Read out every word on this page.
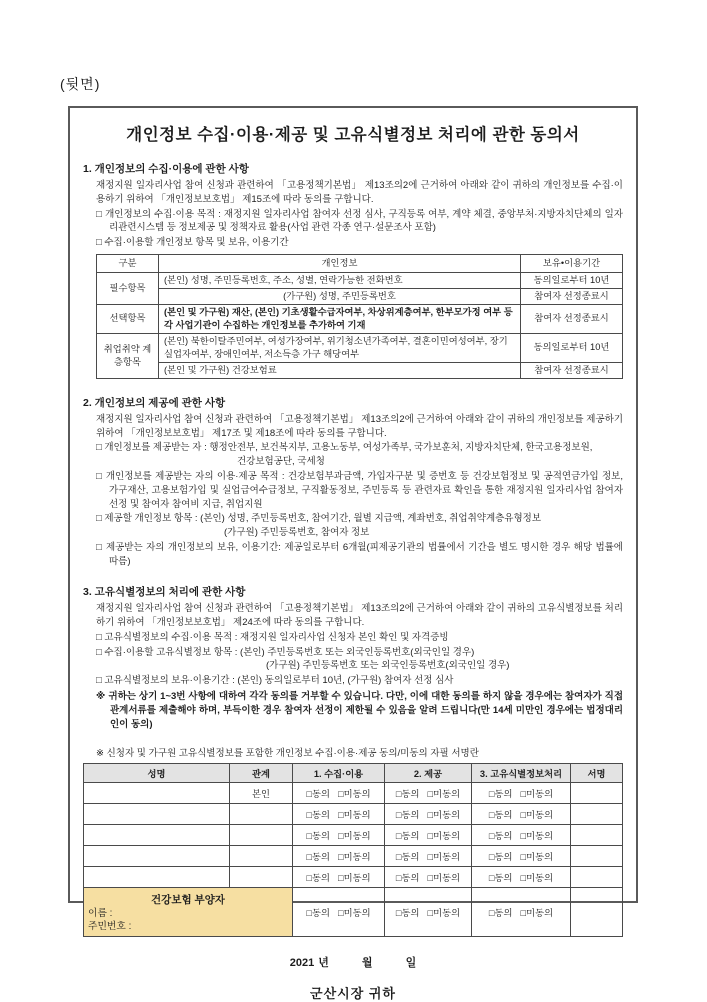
(뒷면)
개인정보 수집·이용·제공 및 고유식별정보 처리에 관한 동의서
1. 개인정보의 수집·이용에 관한 사항
재정지원 일자리사업 참여 신청과 관련하여 「고용정책기본법」 제13조의2에 근거하여 아래와 같이 귀하의 개인정보를 수집·이용하기 위하여 「개인정보보호법」 제15조에 따라 동의를 구합니다.
□ 개인정보의 수집·이용 목적 : 재정지원 일자리사업 참여자 선정 심사, 구직등록 여부, 계약 체결, 중앙부처·지방자치단체의 일자리관련시스템 등 정보제공 및 정책자료 활용(사업 관련 각종 연구·설문조사 포함)
□ 수집·이용할 개인정보 항목 및 보유, 이용기간
구분	개인정보	보유•이용기간
필수항목	(본인) 성명, 주민등록번호, 주소, 성별, 연락가능한 전화번호	동의일로부터 10년
	(가구원) 성명, 주민등록번호	참여자 선정종료시
선택항목	(본인 및 가구원) 재산, (본인) 기초생활수급자여부, 차상위계층여부, 한부모가정 여부 등 각 사업기관이 수집하는 개인정보를 추가하여 기재	참여자 선정종료시
취업취약 계층항목	(본인) 북한이탈주민여부, 여성가장여부, 위기청소년가족여부, 결혼이민여성여부, 장기실업자여부, 장애인여부, 저소득층 가구 해당여부	동의일로부터 10년
	(본인 및 가구원) 건강보험료	참여자 선정종료시
2. 개인정보의 제공에 관한 사항
재정지원 일자리사업 참여 신청과 관련하여 「고용정책기본법」 제13조의2에 근거하여 아래와 같이 귀하의 개인정보를 제공하기 위하여 「개인정보보호법」 제17조 및 제18조에 따라 동의를 구합니다.
□ 개인정보를 제공받는 자 : 행정안전부, 보건복지부, 고용노동부, 여성가족부, 국가보훈처, 지방자치단체, 한국고용정보원,
건강보험공단, 국세청
□ 개인정보를 제공받는 자의 이용·제공 목적 : 건강보험부과금액, 가입자구분 및 증번호 등 건강보험정보 및 공적연금가입 정보, 가구재산, 고용보험가입 및 실업급여수급정보, 구직활동정보, 주민등록 등 관련자료 확인을 통한 재정지원 일자리사업 참여자 선정 및 참여자 참여비 지급, 취업지원
□ 제공할 개인정보 항목 : (본인) 성명, 주민등록번호, 참여기간, 월별 지급액, 계좌번호, 취업취약계층유형정보
(가구원) 주민등록번호, 참여자 정보
□ 제공받는 자의 개인정보의 보유, 이용기간: 제공일로부터 6개월(피제공기관의 법률에서 기간을 별도 명시한 경우 해당 법률에 따름)
3. 고유식별정보의 처리에 관한 사항
재정지원 일자리사업 참여 신청과 관련하여 「고용정책기본법」 제13조의2에 근거하여 아래와 같이 귀하의 고유식별정보를 처리하기 위하여 「개인정보보호법」 제24조에 따라 동의를 구합니다.
□ 고유식별정보의 수집·이용 목적 : 재정지원 일자리사업 신청자 본인 확인 및 자격증빙
□ 수집·이용할 고유식별정보 항목 : (본인) 주민등록번호 또는 외국인등록번호(외국인일 경우)
(가구원) 주민등록번호 또는 외국인등록번호(외국인일 경우)
□ 고유식별정보의 보유·이용기간 : (본인) 동의일로부터 10년, (가구원) 참여자 선정 심사
※ 귀하는 상기 1~3번 사항에 대하여 각각 동의를 거부할 수 있습니다. 다만, 이에 대한 동의를 하지 않을 경우에는 참여자가 직접 관계서류를 제출해야 하며, 부득이한 경우 참여자 선정이 제한될 수 있음을 알려 드립니다(만 14세 미만인 경우에는 법정대리인이 동의)
※ 신청자 및 가구원 고유식별정보를 포함한 개인정보 수집·이용·제공 동의/미동의 자필 서명란
성명	관계	1. 수집·이용	2. 제공	3. 고유식별정보처리	서명
	본인	□동의 □미동의	□동의 □미동의	□동의 □미동의	
		□동의 □미동의	□동의 □미동의	□동의 □미동의	
		□동의 □미동의	□동의 □미동의	□동의 □미동의	
		□동의 □미동의	□동의 □미동의	□동의 □미동의	
		□동의 □미동의	□동의 □미동의	□동의 □미동의	

건강보험 부양자
이름 :
주민번호 :		□동의 □미동의	□동의 □미동의	□동의 □미동의	
2021 년	월	일
군산시장 귀하
